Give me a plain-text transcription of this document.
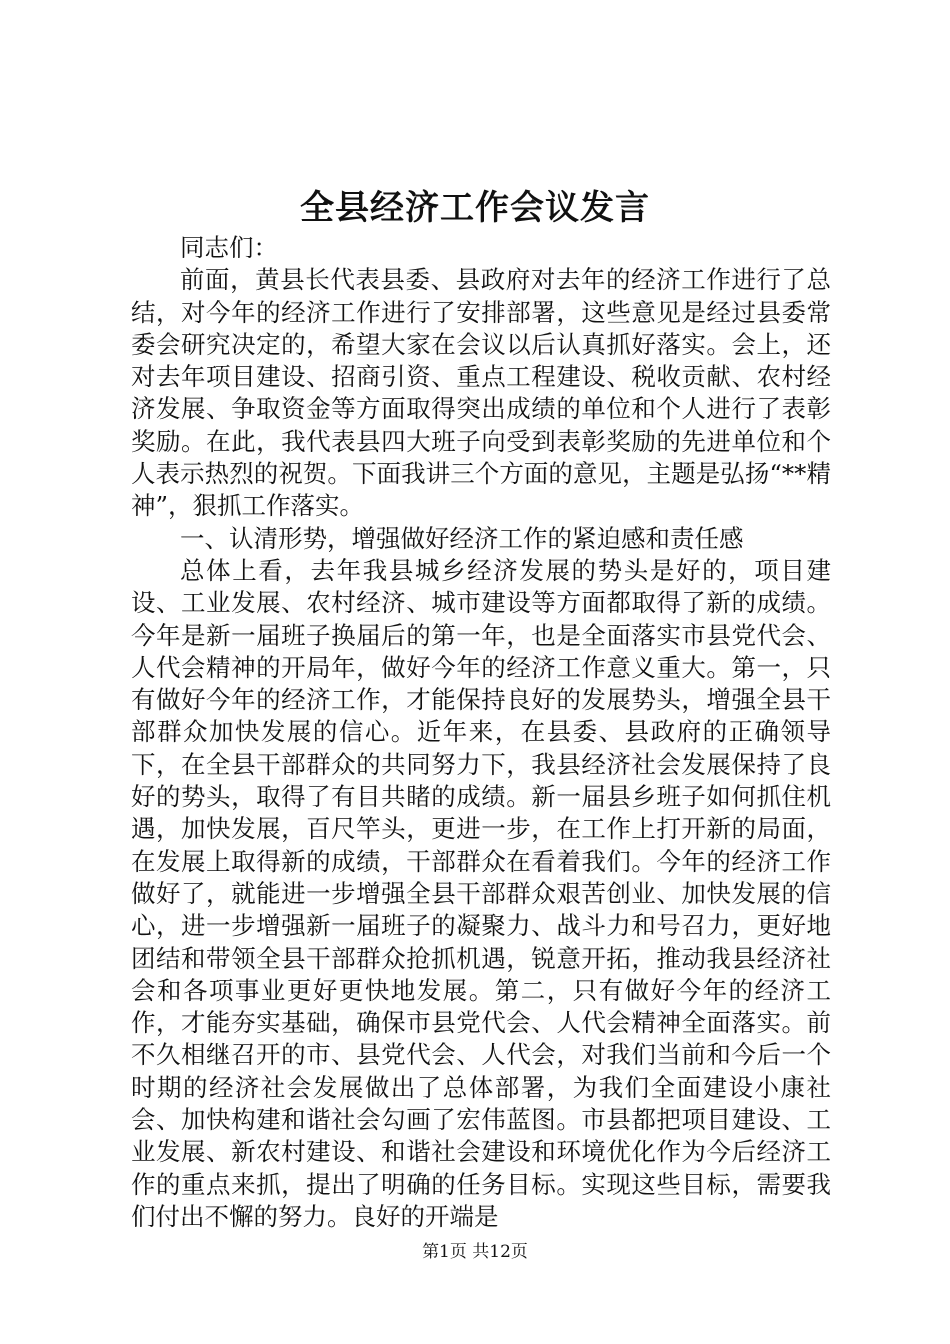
全县经济工作会议发言

同志们：

前面，黄县长代表县委、县政府对去年的经济工作进行了总结，对今年的经济工作进行了安排部署，这些意见是经过县委常委会研究决定的，希望大家在会议以后认真抓好落实。会上，还对去年项目建设、招商引资、重点工程建设、税收贡献、农村经济发展、争取资金等方面取得突出成绩的单位和个人进行了表彰奖励。在此，我代表县四大班子向受到表彰奖励的先进单位和个人表示热烈的祝贺。下面我讲三个方面的意见，主题是弘扬“**精神”，狠抓工作落实。

一、认清形势，增强做好经济工作的紧迫感和责任感

总体上看，去年我县城乡经济发展的势头是好的，项目建设、工业发展、农村经济、城市建设等方面都取得了新的成绩。今年是新一届班子换届后的第一年，也是全面落实市县党代会、人代会精神的开局年，做好今年的经济工作意义重大。第一，只有做好今年的经济工作，才能保持良好的发展势头，增强全县干部群众加快发展的信心。近年来，在县委、县政府的正确领导下，在全县干部群众的共同努力下，我县经济社会发展保持了良好的势头，取得了有目共睹的成绩。新一届县乡班子如何抓住机遇，加快发展，百尺竿头，更进一步，在工作上打开新的局面，在发展上取得新的成绩，干部群众在看着我们。今年的经济工作做好了，就能进一步增强全县干部群众艰苦创业、加快发展的信心，进一步增强新一届班子的凝聚力、战斗力和号召力，更好地团结和带领全县干部群众抢抓机遇，锐意开拓，推动我县经济社会和各项事业更好更快地发展。第二，只有做好今年的经济工作，才能夯实基础，确保市县党代会、人代会精神全面落实。前不久相继召开的市、县党代会、人代会，对我们当前和今后一个时期的经济社会发展做出了总体部署，为我们全面建设小康社会、加快构建和谐社会勾画了宏伟蓝图。市县都把项目建设、工业发展、新农村建设、和谐社会建设和环境优化作为今后经济工作的重点来抓，提出了明确的任务目标。实现这些目标，需要我们付出不懈的努力。良好的开端是

第1页 共12页
